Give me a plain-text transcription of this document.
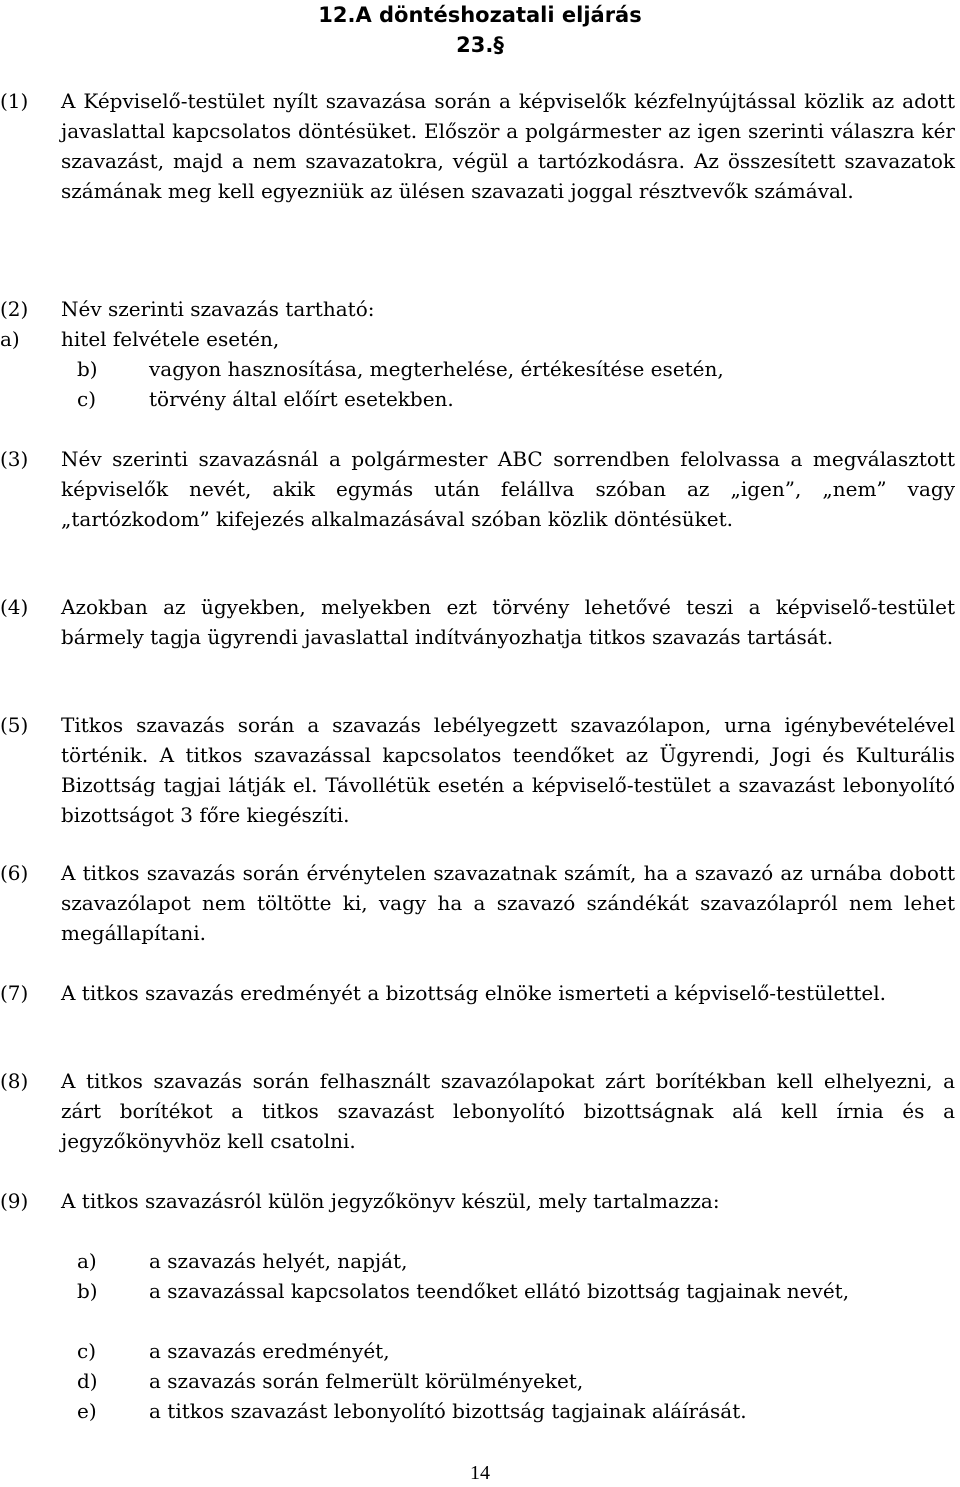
12.A döntéshozatali eljárás
23.§
(1)	A Képviselő-testület nyílt szavazása során a képviselők kézfelnyújtással közlik az adott javaslattal kapcsolatos döntésüket. Először a polgármester az igen szerinti válaszra kér szavazást, majd a nem szavazatokra, végül a tartózkodásra. Az összesített szavazatok számának meg kell egyezniük az ülésen szavazati joggal résztvevők számával.
(2)	Név szerinti szavazás tartható:
a) hitel felvétele esetén,
b)	vagyon hasznosítása, megterhelése, értékesítése esetén,
c)	törvény által előírt esetekben.
(3)	Név szerinti szavazásnál a polgármester ABC sorrendben felolvassa a megválasztott képviselők nevét, akik egymás után felállva szóban az „igen”, „nem” vagy „tartózkodom” kifejezés alkalmazásával szóban közlik döntésüket.
(4)	Azokban az ügyekben, melyekben ezt törvény lehetővé teszi a képviselő-testület bármely tagja ügyrendi javaslattal indítványozhatja titkos szavazás tartását.
(5)	Titkos szavazás során a szavazás lebélyegzett szavazólapon, urna igénybevételével történik. A titkos szavazással kapcsolatos teendőket az Ügyrendi, Jogi és Kulturális Bizottság tagjai látják el. Távollétük esetén a képviselő-testület a szavazást lebonyolító bizottságot 3 főre kiegészíti.
(6)	A titkos szavazás során érvénytelen szavazatnak számít, ha a szavazó az urnába dobott szavazólapot nem töltötte ki, vagy ha a szavazó szándékát szavazólapról nem lehet megállapítani.
(7)	A titkos szavazás eredményét a bizottság elnöke ismerteti a képviselő-testülettel.
(8)	A titkos szavazás során felhasznált szavazólapokat zárt borítékban kell elhelyezni, a zárt borítékot a titkos szavazást lebonyolító bizottságnak alá kell írnia és a jegyzőkönyvhöz kell csatolni.
(9)	A titkos szavazásról külön jegyzőkönyv készül, mely tartalmazza:
a)	a szavazás helyét, napját,
b)	a szavazással kapcsolatos teendőket ellátó bizottság tagjainak nevét,
c)	a szavazás eredményét,
d)	a szavazás során felmerült körülményeket,
e)	a titkos szavazást lebonyolító bizottság tagjainak aláírását.
14
